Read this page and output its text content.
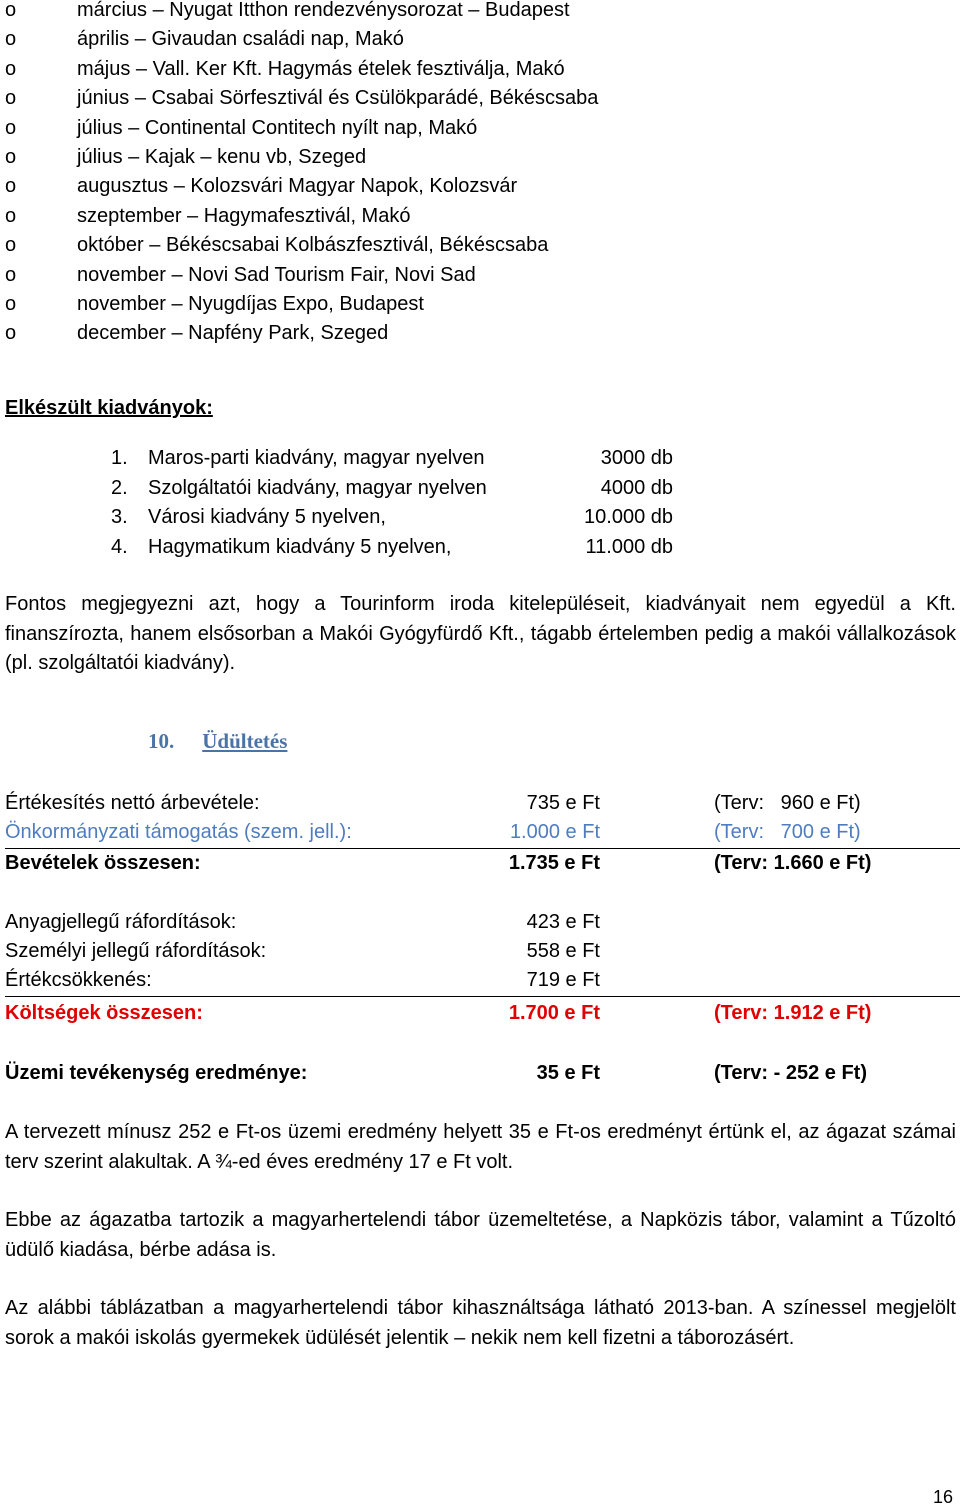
o	március – Nyugat Itthon rendezvénysorozat – Budapest
o	április – Givaudan családi nap, Makó
o	május – Vall. Ker Kft. Hagymás ételek fesztiválja, Makó
o	június – Csabai Sörfesztivál és Csülökparádé, Békéscsaba
o	július – Continental Contitech nyílt nap, Makó
o	július – Kajak – kenu vb, Szeged
o	augusztus – Kolozsvári Magyar Napok, Kolozsvár
o	szeptember – Hagymafesztivál, Makó
o	október – Békéscsabai Kolbászfesztivál, Békéscsaba
o	november – Novi Sad Tourism Fair, Novi Sad
o	november – Nyugdíjas Expo, Budapest
o	december – Napfény Park, Szeged
Elkészült kiadványok:
1. Maros-parti kiadvány, magyar nyelven	3000 db
2. Szolgáltatói kiadvány, magyar nyelven	4000 db
3. Városi kiadvány 5 nyelven,	10.000 db
4. Hagymatikum kiadvány 5 nyelven,	11.000 db
Fontos megjegyezni azt, hogy a Tourinform iroda kitelepüléseit, kiadványait nem egyedül a Kft. finanszírozta, hanem elsősorban a Makói Gyógyfürdő Kft., tágabb értelemben pedig a makói vállalkozások (pl. szolgáltatói kiadvány).
10. Üdültetés
Értékesítés nettó árbevétele:	735 e Ft	(Terv:   960 e Ft)
Önkormányzati támogatás (szem. jell.):	1.000 e Ft	(Terv:   700 e Ft)
Bevételek összesen:	1.735 e Ft	(Terv: 1.660 e Ft)
Anyagjellegű ráfordítások:	423 e Ft
Személyi jellegű ráfordítások:	558 e Ft
Értékcsökkenés:	719 e Ft
Költségek összesen:	1.700 e Ft	(Terv: 1.912 e Ft)
Üzemi tevékenység eredménye:	35 e Ft	(Terv: - 252 e Ft)
A tervezett mínusz 252 e Ft-os üzemi eredmény helyett 35 e Ft-os eredményt értünk el, az ágazat számai terv szerint alakultak. A ¾-ed éves eredmény 17 e Ft volt.
Ebbe az ágazatba tartozik a magyarhertelendi tábor üzemeltetése, a Napközis tábor, valamint a Tűzoltó üdülő kiadása, bérbe adása is.
Az alábbi táblázatban a magyarhertelendi tábor kihasználtsága látható 2013-ban. A színessel megjelölt sorok a makói iskolás gyermekek üdülését jelentik – nekik nem kell fizetni a táborozásért.
16
